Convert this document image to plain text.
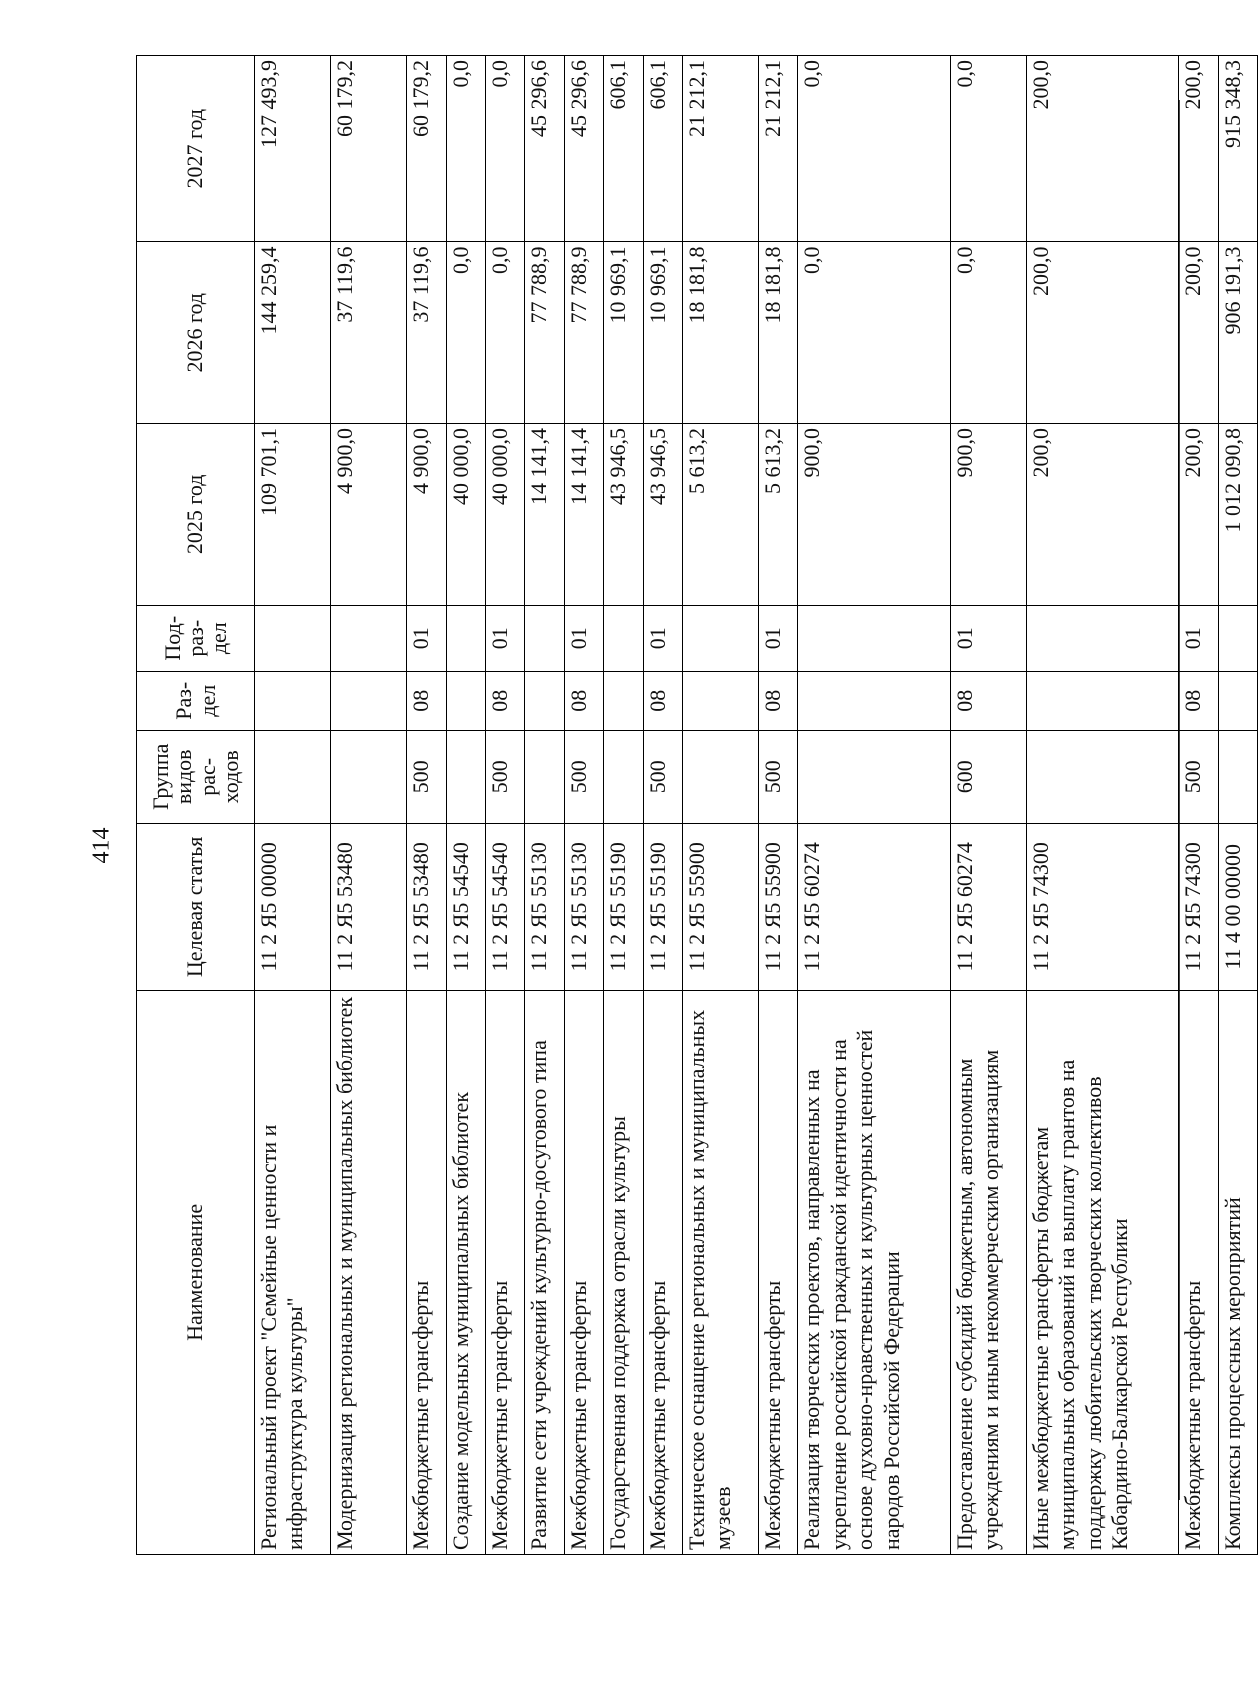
414
Наименование	Целевая статья	Группа видов рас-ходов	Раз-дел	Под-раз-дел	2025 год	2026 год	2027 год
Региональный проект "Семейные ценности и инфраструктура культуры"	11 2 Я5 00000				109 701,1	144 259,4	127 493,9
Модернизация региональных и муниципальных библиотек	11 2 Я5 53480				4 900,0	37 119,6	60 179,2
Межбюджетные трансферты	11 2 Я5 53480	500	08	01	4 900,0	37 119,6	60 179,2
Создание модельных муниципальных библиотек	11 2 Я5 54540				40 000,0	0,0	0,0
Межбюджетные трансферты	11 2 Я5 54540	500	08	01	40 000,0	0,0	0,0
Развитие сети учреждений культурно-досугового типа	11 2 Я5 55130				14 141,4	77 788,9	45 296,6
Межбюджетные трансферты	11 2 Я5 55130	500	08	01	14 141,4	77 788,9	45 296,6
Государственная поддержка отрасли культуры	11 2 Я5 55190				43 946,5	10 969,1	606,1
Межбюджетные трансферты	11 2 Я5 55190	500	08	01	43 946,5	10 969,1	606,1
Техническое оснащение региональных и муниципальных музеев	11 2 Я5 55900				5 613,2	18 181,8	21 212,1
Межбюджетные трансферты	11 2 Я5 55900	500	08	01	5 613,2	18 181,8	21 212,1
Реализация творческих проектов, направленных на укрепление российской гражданской идентичности на основе духовно-нравственных и культурных ценностей народов Российской Федерации	11 2 Я5 60274				900,0	0,0	0,0
Предоставление субсидий бюджетным, автономным учреждениям и иным некоммерческим организациям	11 2 Я5 60274	600	08	01	900,0	0,0	0,0
Иные межбюджетные трансферты бюджетам муниципальных образований на выплату грантов на поддержку любительских творческих коллективов Кабардино-Балкарской Республики	11 2 Я5 74300				200,0	200,0	200,0
Межбюджетные трансферты	11 2 Я5 74300	500	08	01	200,0	200,0	200,0
Комплексы процессных мероприятий	11 4 00 00000				1 012 090,8	906 191,3	915 348,3
